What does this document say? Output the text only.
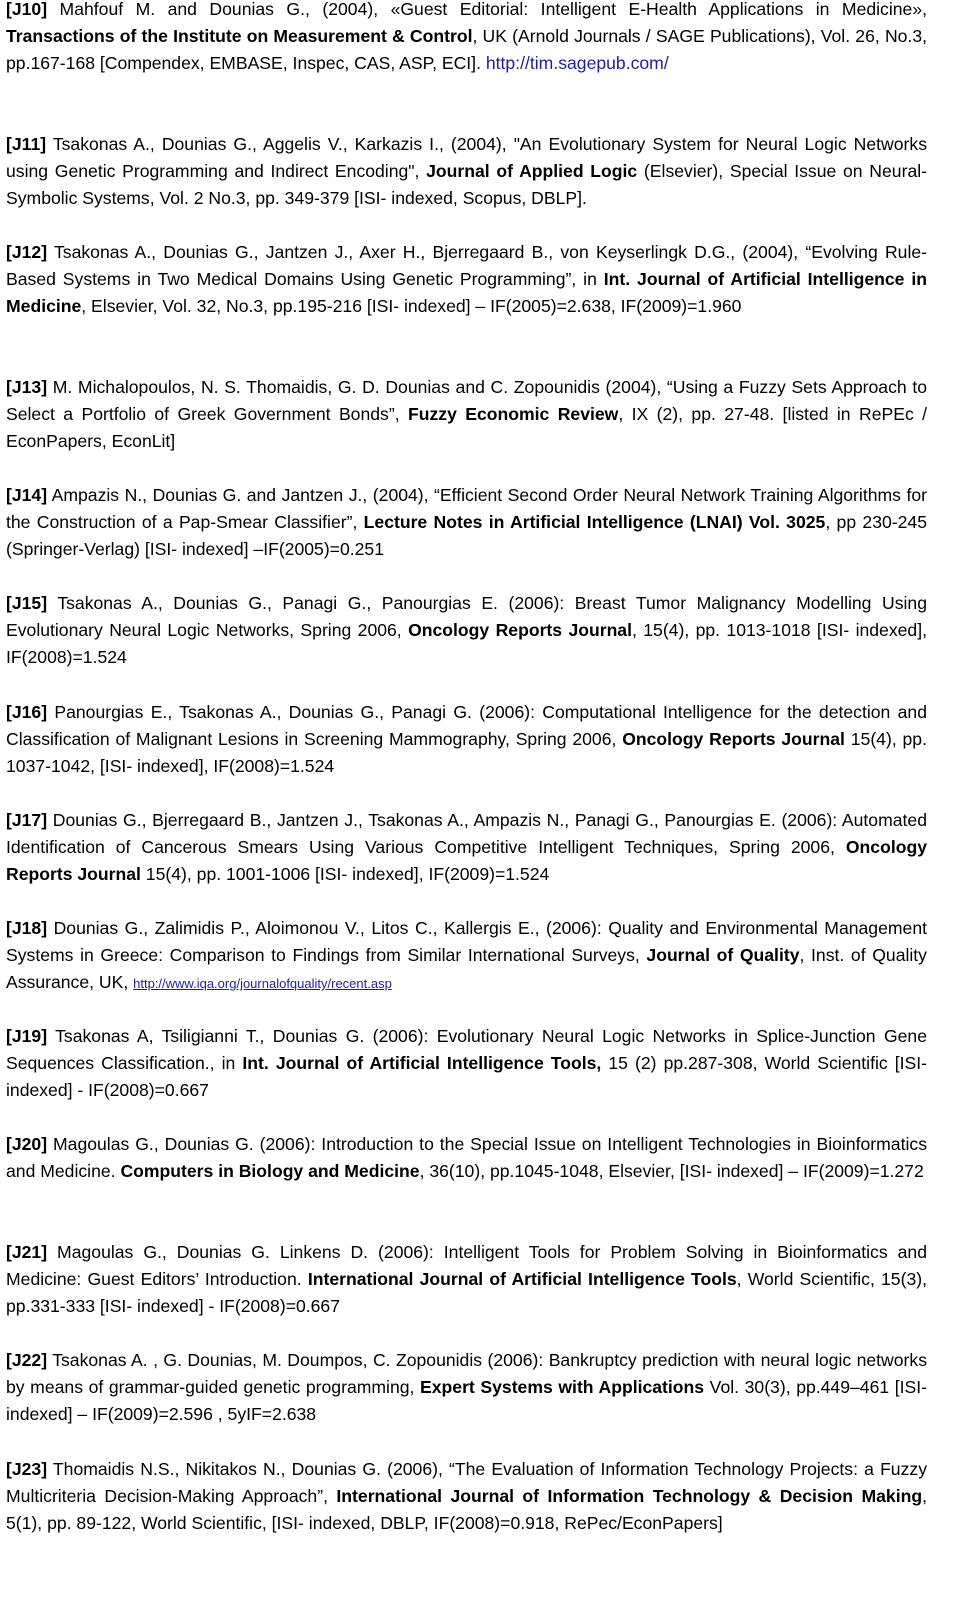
[J10] Mahfouf M. and Dounias G., (2004), «Guest Editorial: Intelligent E-Health Applications in Medicine», Transactions of the Institute on Measurement & Control, UK (Arnold Journals / SAGE Publications), Vol. 26, No.3, pp.167-168 [Compendex, EMBASE, Inspec, CAS, ASP, ECI]. http://tim.sagepub.com/

[J11] Tsakonas A., Dounias G., Aggelis V., Karkazis I., (2004), "An Evolutionary System for Neural Logic Networks using Genetic Programming and Indirect Encoding", Journal of Applied Logic (Elsevier), Special Issue on Neural-Symbolic Systems, Vol. 2 No.3, pp. 349-379 [ISI- indexed, Scopus, DBLP].

[J12] Tsakonas A., Dounias G., Jantzen J., Axer H., Bjerregaard B., von Keyserlingk D.G., (2004), “Evolving Rule-Based Systems in Two Medical Domains Using Genetic Programming”, in Int. Journal of Artificial Intelligence in Medicine, Elsevier, Vol. 32, No.3, pp.195-216 [ISI- indexed] – IF(2005)=2.638, IF(2009)=1.960

[J13] M. Michalopoulos, N. S. Thomaidis, G. D. Dounias and C. Zopounidis (2004), “Using a Fuzzy Sets Approach to Select a Portfolio of Greek Government Bonds”, Fuzzy Economic Review, IX (2), pp. 27-48. [listed in RePEc / EconPapers, EconLit]

[J14] Ampazis N., Dounias G. and Jantzen J., (2004), “Efficient Second Order Neural Network Training Algorithms for the Construction of a Pap-Smear Classifier”, Lecture Notes in Artificial Intelligence (LNAI) Vol. 3025, pp 230-245 (Springer-Verlag) [ISI- indexed] –IF(2005)=0.251

[J15] Tsakonas A., Dounias G., Panagi G., Panourgias E. (2006): Breast Tumor Malignancy Modelling Using Evolutionary Neural Logic Networks, Spring 2006, Oncology Reports Journal, 15(4), pp. 1013-1018 [ISI- indexed], IF(2008)=1.524

[J16] Panourgias E., Tsakonas A., Dounias G., Panagi G. (2006): Computational Intelligence for the detection and Classification of Malignant Lesions in Screening Mammography, Spring 2006, Oncology Reports Journal 15(4), pp. 1037-1042, [ISI- indexed], IF(2008)=1.524

[J17] Dounias G., Bjerregaard B., Jantzen J., Tsakonas A., Ampazis N., Panagi G., Panourgias E. (2006): Automated Identification of Cancerous Smears Using Various Competitive Intelligent Techniques, Spring 2006, Oncology Reports Journal 15(4), pp. 1001-1006 [ISI- indexed], IF(2009)=1.524

[J18] Dounias G., Zalimidis P., Aloimonou V., Litos C., Kallergis E., (2006): Quality and Environmental Management Systems in Greece: Comparison to Findings from Similar International Surveys, Journal of Quality, Inst. of Quality Assurance, UK, http://www.iqa.org/journalofquality/recent.asp

[J19] Tsakonas A, Tsiligianni T., Dounias G. (2006): Evolutionary Neural Logic Networks in Splice-Junction Gene Sequences Classification., in Int. Journal of Artificial Intelligence Tools, 15 (2) pp.287-308, World Scientific [ISI- indexed] - IF(2008)=0.667

[J20] Magoulas G., Dounias G. (2006): Introduction to the Special Issue on Intelligent Technologies in Bioinformatics and Medicine. Computers in Biology and Medicine, 36(10), pp.1045-1048, Elsevier, [ISI- indexed] – IF(2009)=1.272

[J21] Magoulas G., Dounias G. Linkens D. (2006): Intelligent Tools for Problem Solving in Bioinformatics and Medicine: Guest Editors’ Introduction. International Journal of Artificial Intelligence Tools, World Scientific, 15(3), pp.331-333 [ISI- indexed] - IF(2008)=0.667

[J22] Tsakonas A. , G. Dounias, M. Doumpos, C. Zopounidis (2006): Bankruptcy prediction with neural logic networks by means of grammar-guided genetic programming, Expert Systems with Applications Vol. 30(3), pp.449–461 [ISI- indexed] – IF(2009)=2.596 , 5yIF=2.638

[J23] Thomaidis N.S., Nikitakos N., Dounias G. (2006), “The Evaluation of Information Technology Projects: a Fuzzy Multicriteria Decision-Making Approach”, International Journal of Information Technology & Decision Making, 5(1), pp. 89-122, World Scientific, [ISI- indexed, DBLP, IF(2008)=0.918, RePec/EconPapers]
